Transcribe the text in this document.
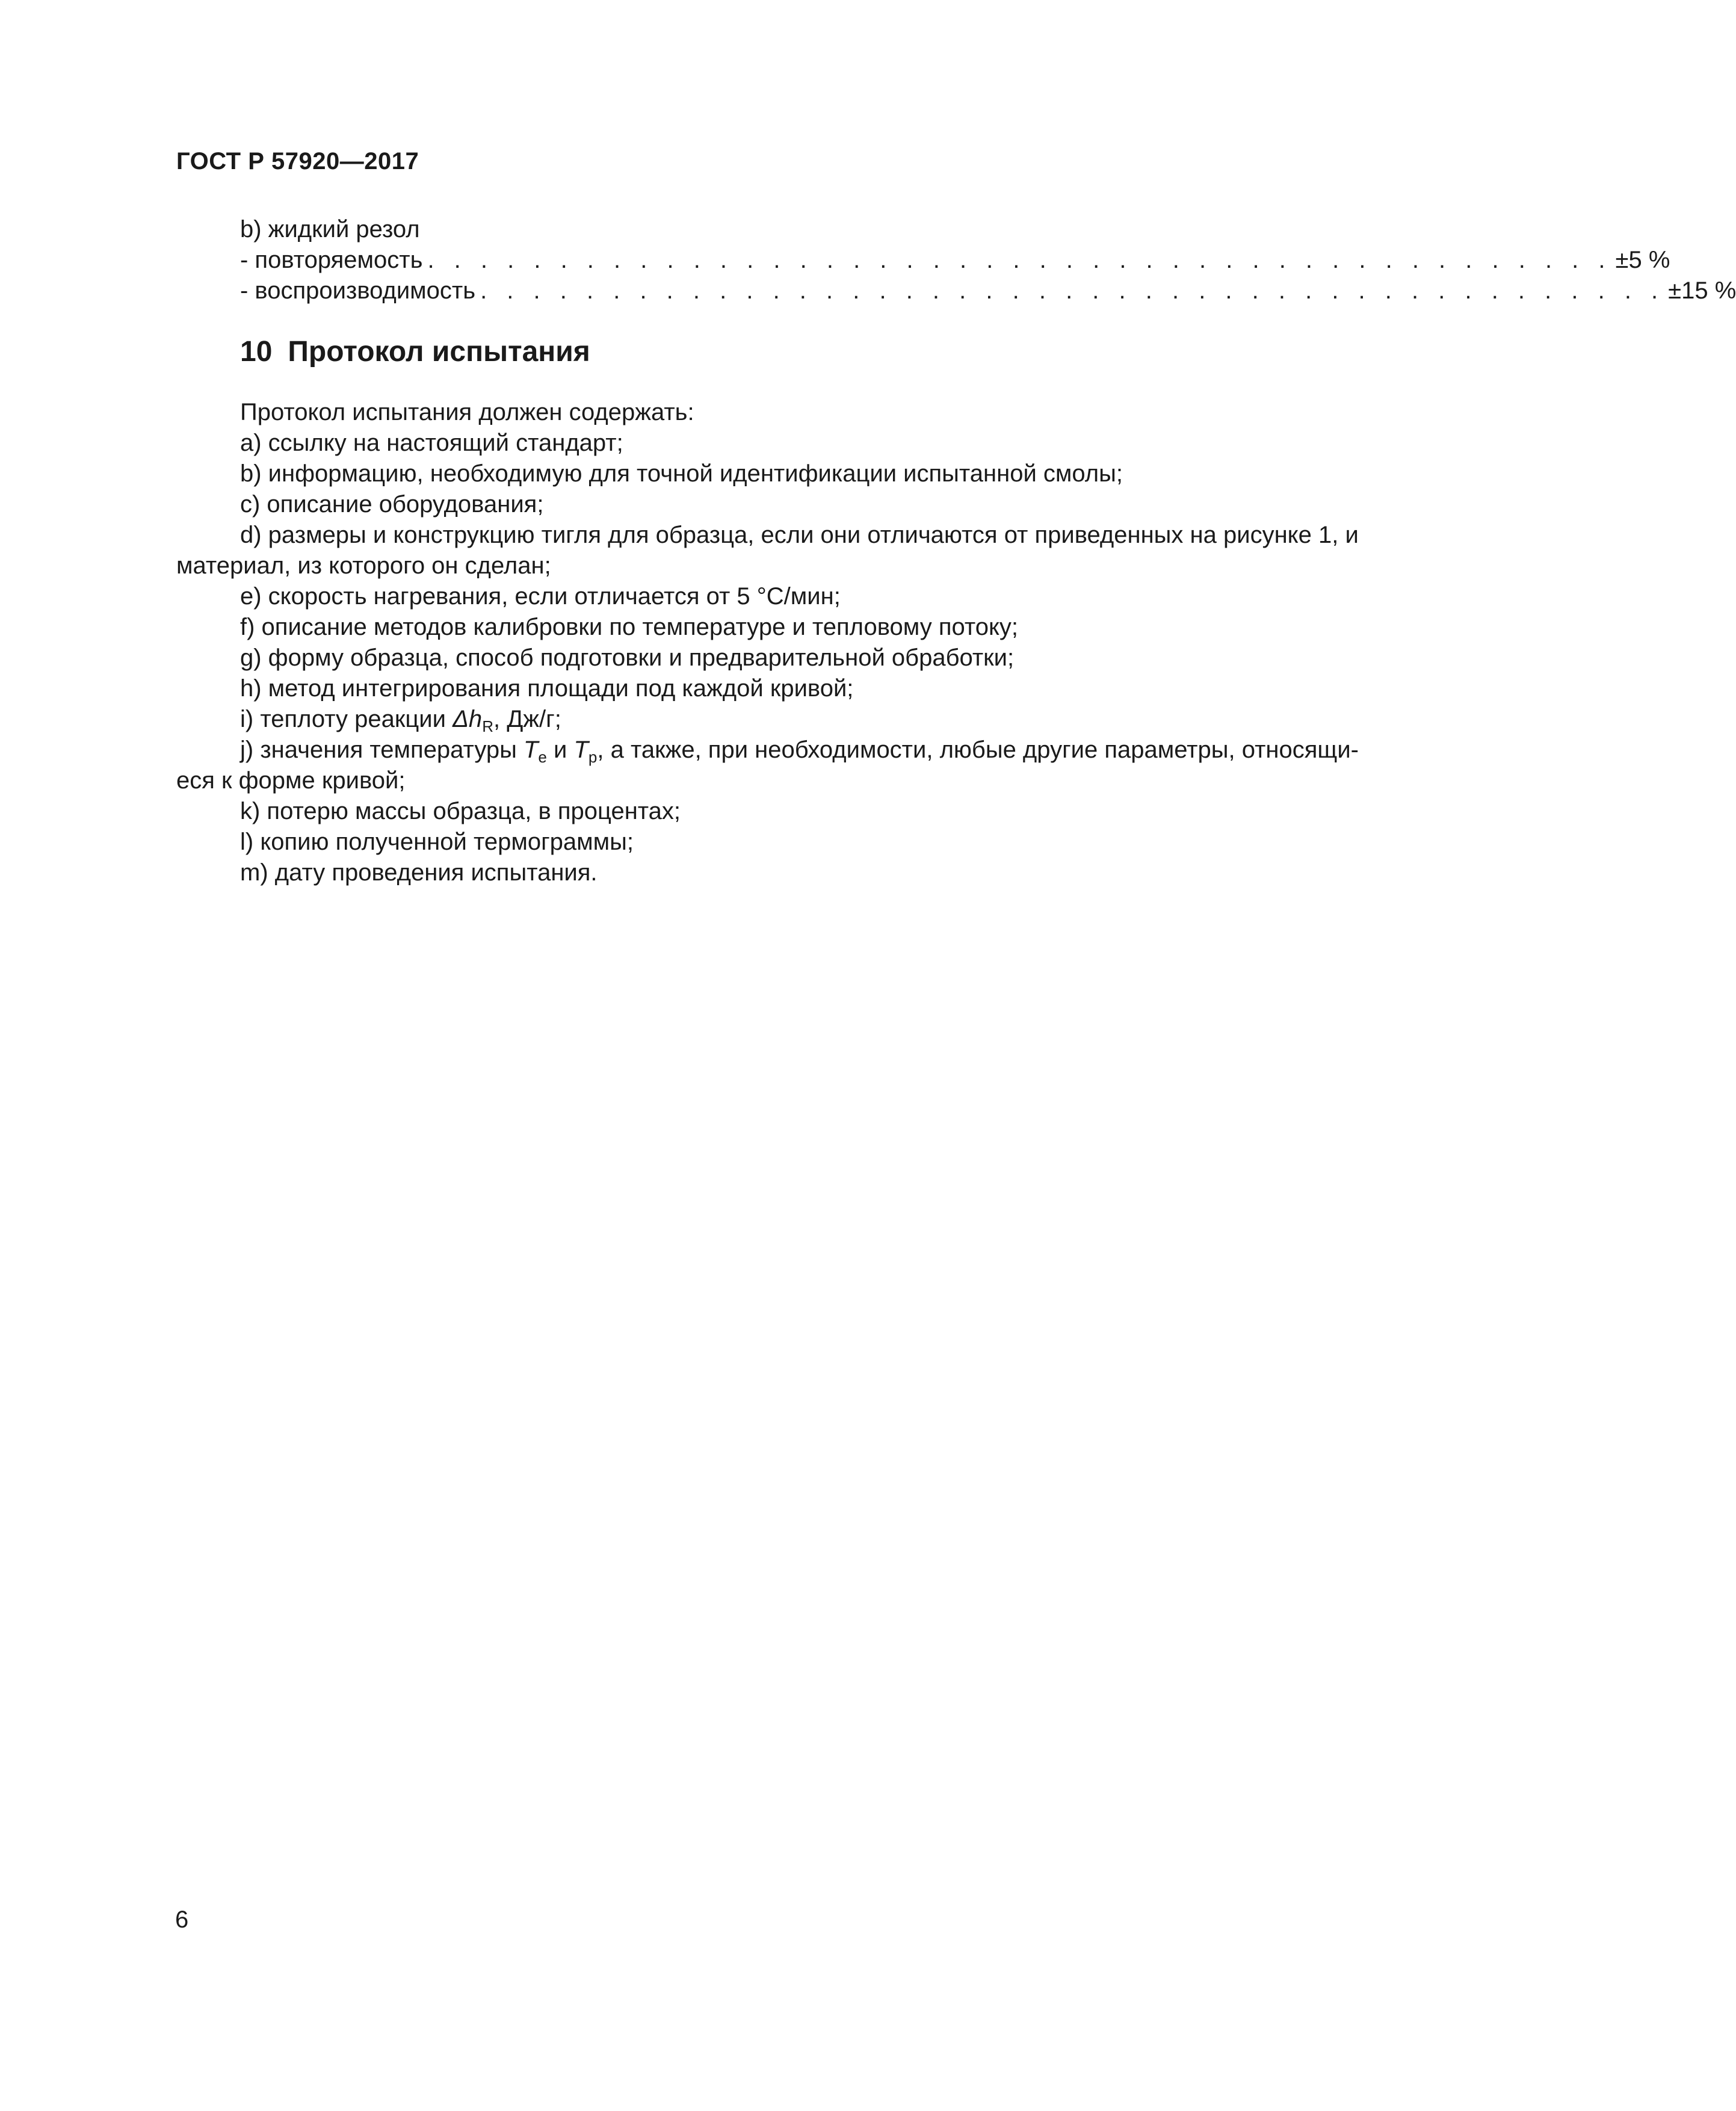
ГОСТ Р 57920—2017
b) жидкий резол
- повторяемость . . . . . . . . . . . . . . . . . . . . . . . . . . . . . . . . . . . . . . . . . . . . . ±5 %
- воспроизводимость . . . . . . . . . . . . . . . . . . . . . . . . . . . . . . . . . . . . . . . . . . . . . ±15 %
10 Протокол испытания
Протокол испытания должен содержать:
a) ссылку на настоящий стандарт;
b) информацию, необходимую для точной идентификации испытанной смолы;
c) описание оборудования;
d) размеры и конструкцию тигля для образца, если они отличаются от приведенных на рисунке 1, и материал, из которого он сделан;
e) скорость нагревания, если отличается от 5 °С/мин;
f) описание методов калибровки по температуре и тепловому потоку;
g) форму образца, способ подготовки и предварительной обработки;
h) метод интегрирования площади под каждой кривой;
i) теплоту реакции $\Delta h_R$, Дж/г;
j) значения температуры $T_e$ и $T_p$, а также, при необходимости, любые другие параметры, относящиеся к форме кривой;
k) потерю массы образца, в процентах;
l) копию полученной термограммы;
m) дату проведения испытания.
6
